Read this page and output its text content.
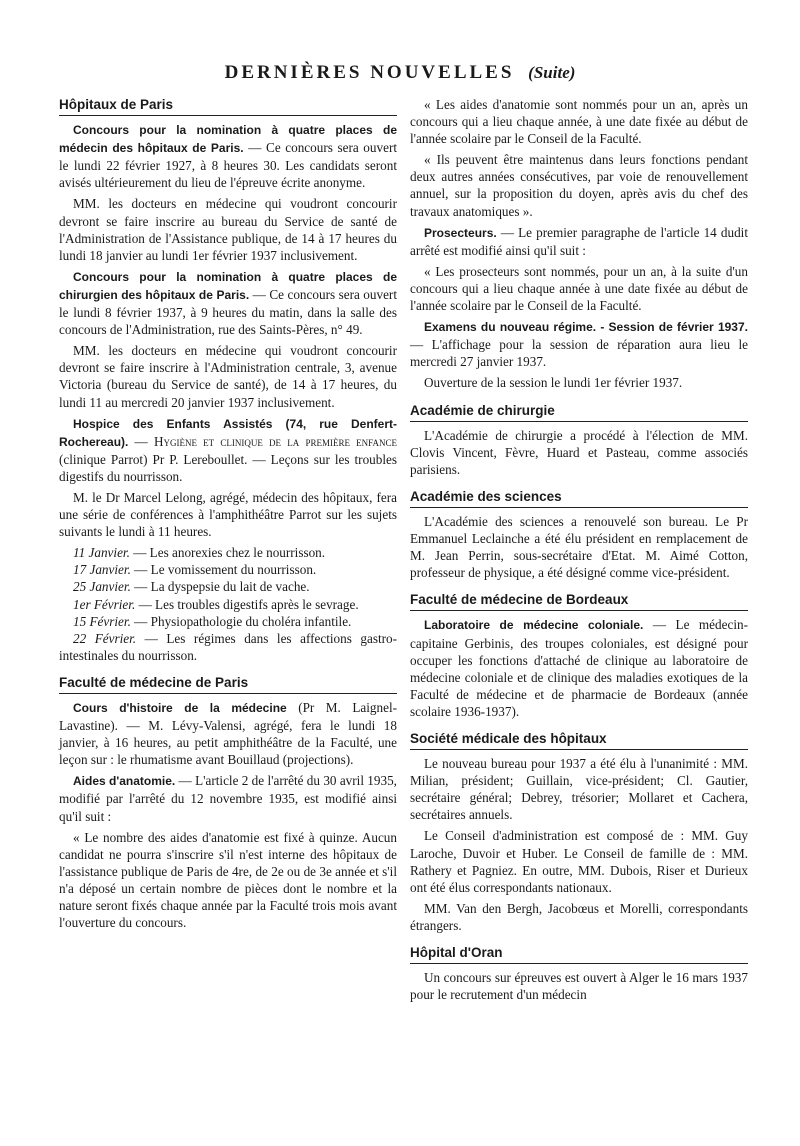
DERNIÈRES NOUVELLES (Suite)
Hôpitaux de Paris

Concours pour la nomination à quatre places de médecin des hôpitaux de Paris. — Ce concours sera ouvert le lundi 22 février 1927, à 8 heures 30. Les candidats seront avisés ultérieurement du lieu de l'épreuve écrite anonyme.

MM. les docteurs en médecine qui voudront concourir devront se faire inscrire au bureau du Service de santé de l'Administration de l'Assistance publique, de 14 à 17 heures du lundi 18 janvier au lundi 1er février 1937 inclusivement.

Concours pour la nomination à quatre places de chirurgien des hôpitaux de Paris. — Ce concours sera ouvert le lundi 8 février 1937, à 9 heures du matin, dans la salle des concours de l'Administration, rue des Saints-Pères, n° 49.

MM. les docteurs en médecine qui voudront concourir devront se faire inscrire à l'Administration centrale, 3, avenue Victoria (bureau du Service de santé), de 14 à 17 heures, du lundi 11 au mercredi 20 janvier 1937 inclusivement.

Hospice des Enfants Assistés (74, rue Denfert-Rochereau). — Hygiène et clinique de la première enfance (clinique Parrot) Pr P. Lereboullet. — Leçons sur les troubles digestifs du nourrisson.

M. le Dr Marcel Lelong, agrégé, médecin des hôpitaux, fera une série de conférences à l'amphithéâtre Parrot sur les sujets suivants le lundi à 11 heures.

11 Janvier. — Les anorexies chez le nourrisson.

17 Janvier. — Le vomissement du nourrisson.

25 Janvier. — La dyspepsie du lait de vache.

1er Février. — Les troubles digestifs après le sevrage.

15 Février. — Physiopathologie du choléra infantile.

22 Février. — Les régimes dans les affections gastro-intestinales du nourrisson.

Faculté de médecine de Paris

Cours d'histoire de la médecine (Pr M. Laignel-Lavastine). — M. Lévy-Valensi, agrégé, fera le lundi 18 janvier, à 16 heures, au petit amphithéâtre de la Faculté, une leçon sur : le rhumatisme avant Bouillaud (projections).

Aides d'anatomie. — L'article 2 de l'arrêté du 30 avril 1935, modifié par l'arrêté du 12 novembre 1935, est modifié ainsi qu'il suit :

« Le nombre des aides d'anatomie est fixé à quinze. Aucun candidat ne pourra s'inscrire s'il n'est interne des hôpitaux de l'assistance publique de Paris de 4re, de 2e ou de 3e année et s'il n'a déposé un certain nombre de pièces dont le nombre et la nature seront fixés chaque année par la Faculté trois mois avant l'ouverture du concours.

« Les aides d'anatomie sont nommés pour un an, après un concours qui a lieu chaque année, à une date fixée au début de l'année scolaire par le Conseil de la Faculté.

« Ils peuvent être maintenus dans leurs fonctions pendant deux autres années consécutives, par voie de renouvellement annuel, sur la proposition du doyen, après avis du chef des travaux anatomiques ».

Prosecteurs. — Le premier paragraphe de l'article 14 dudit arrêté est modifié ainsi qu'il suit :

« Les prosecteurs sont nommés, pour un an, à la suite d'un concours qui a lieu chaque année à une date fixée au début de l'année scolaire par le Conseil de la Faculté.

Examens du nouveau régime. - Session de février 1937. — L'affichage pour la session de réparation aura lieu le mercredi 27 janvier 1937.

Ouverture de la session le lundi 1er février 1937.

Académie de chirurgie

L'Académie de chirurgie a procédé à l'élection de MM. Clovis Vincent, Fèvre, Huard et Pasteau, comme associés parisiens.

Académie des sciences

L'Académie des sciences a renouvelé son bureau. Le Pr Emmanuel Leclainche a été élu président en remplacement de M. Jean Perrin, sous-secrétaire d'Etat. M. Aimé Cotton, professeur de physique, a été désigné comme vice-président.

Faculté de médecine de Bordeaux

Laboratoire de médecine coloniale. — Le médecin-capitaine Gerbinis, des troupes coloniales, est désigné pour occuper les fonctions d'attaché de clinique au laboratoire de médecine coloniale et de clinique des maladies exotiques de la Faculté de médecine et de pharmacie de Bordeaux (année scolaire 1936-1937).

Société médicale des hôpitaux

Le nouveau bureau pour 1937 a été élu à l'unanimité : MM. Milian, président; Guillain, vice-président; Cl. Gautier, secrétaire général; Debrey, trésorier; Mollaret et Cachera, secrétaires annuels.

Le Conseil d'administration est composé de : MM. Guy Laroche, Duvoir et Huber. Le Conseil de famille de : MM. Rathery et Pagniez. En outre, MM. Dubois, Riser et Durieux ont été élus correspondants nationaux.

MM. Van den Bergh, Jacobœus et Morelli, correspondants étrangers.

Hôpital d'Oran

Un concours sur épreuves est ouvert à Alger le 16 mars 1937 pour le recrutement d'un médecin
